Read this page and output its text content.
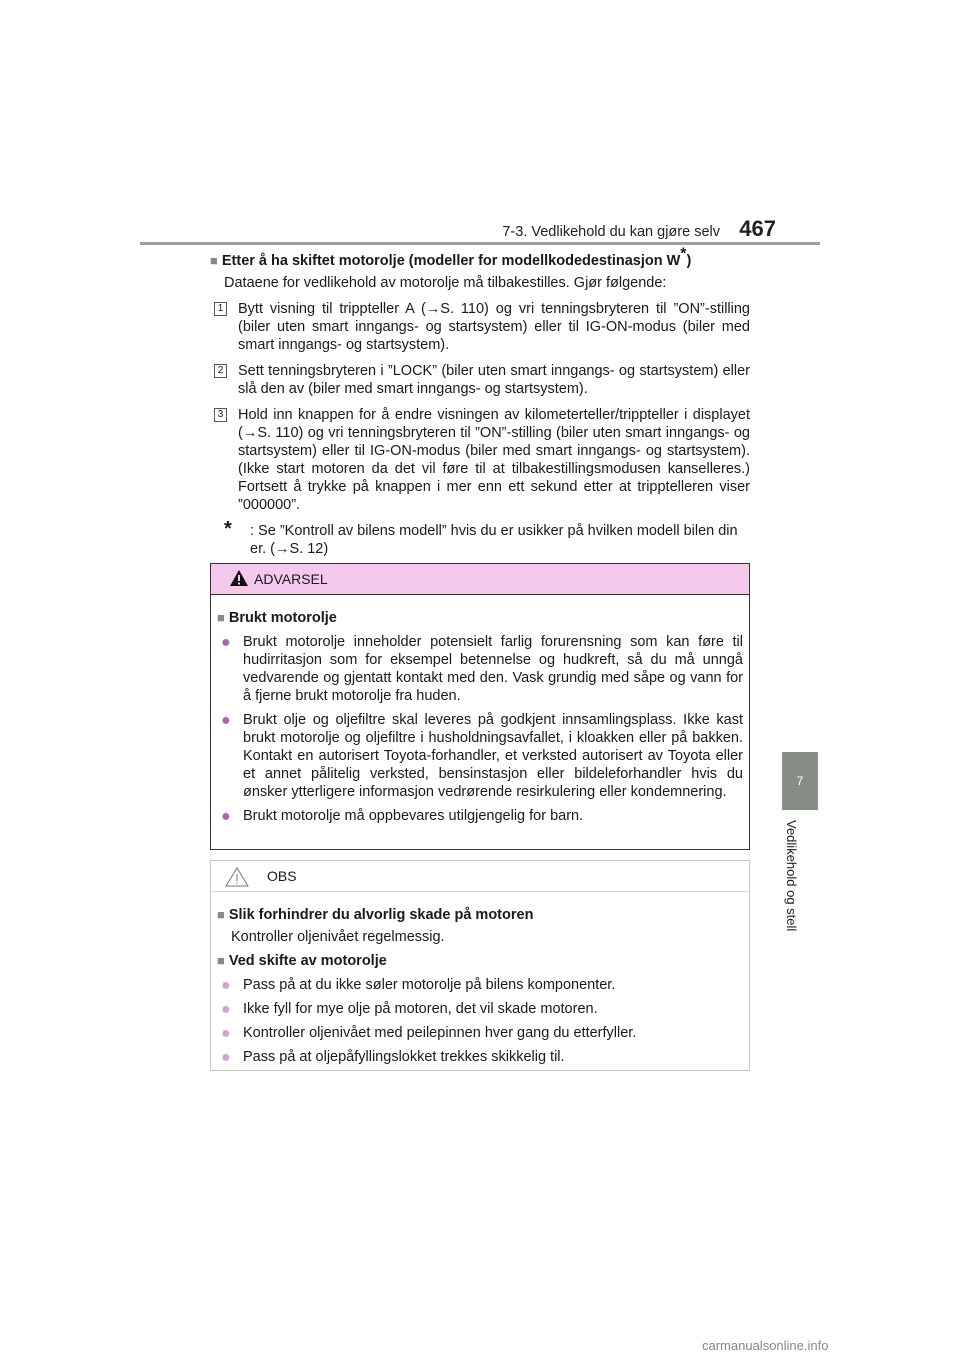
7-3. Vedlikehold du kan gjøre selv 467
7
Vedlikehold og stell
■ Etter å ha skiftet motorolje (modeller for modellkodedestinasjon W*)
Dataene for vedlikehold av motorolje må tilbakestilles. Gjør følgende:
1 Bytt visning til trippteller A (→S. 110) og vri tenningsbryteren til ”ON”-stilling (biler uten smart inngangs- og startsystem) eller til IG-ON-modus (biler med smart inngangs- og startsystem).
2 Sett tenningsbryteren i ”LOCK” (biler uten smart inngangs- og startsystem) eller slå den av (biler med smart inngangs- og startsystem).
3 Hold inn knappen for å endre visningen av kilometerteller/trippteller i displayet (→S. 110) og vri tenningsbryteren til ”ON”-stilling (biler uten smart inngangs- og startsystem) eller til IG-ON-modus (biler med smart inngangs- og startsystem). (Ikke start motoren da det vil føre til at tilbakestillingsmodusen kanselleres.) Fortsett å trykke på knappen i mer enn ett sekund etter at tripptelleren viser ”000000”.
* : Se ”Kontroll av bilens modell” hvis du er usikker på hvilken modell bilen din er. (→S. 12)
ADVARSEL
■ Brukt motorolje
● Brukt motorolje inneholder potensielt farlig forurensning som kan føre til hudirritasjon som for eksempel betennelse og hudkreft, så du må unngå vedvarende og gjentatt kontakt med den. Vask grundig med såpe og vann for å fjerne brukt motorolje fra huden.
● Brukt olje og oljefiltre skal leveres på godkjent innsamlingsplass. Ikke kast brukt motorolje og oljefiltre i husholdningsavfallet, i kloakken eller på bakken. Kontakt en autorisert Toyota-forhandler, et verksted autorisert av Toyota eller et annet pålitelig verksted, bensinstasjon eller bildeleforhandler hvis du ønsker ytterligere informasjon vedrørende resirkulering eller kondemnering.
● Brukt motorolje må oppbevares utilgjengelig for barn.
OBS
■ Slik forhindrer du alvorlig skade på motoren
Kontroller oljenivået regelmessig.
■ Ved skifte av motorolje
● Pass på at du ikke søler motorolje på bilens komponenter.
● Ikke fyll for mye olje på motoren, det vil skade motoren.
● Kontroller oljenivået med peilepinnen hver gang du etterfyller.
● Pass på at oljepåfyllingslokket trekkes skikkelig til.
carmanualsonline.info
